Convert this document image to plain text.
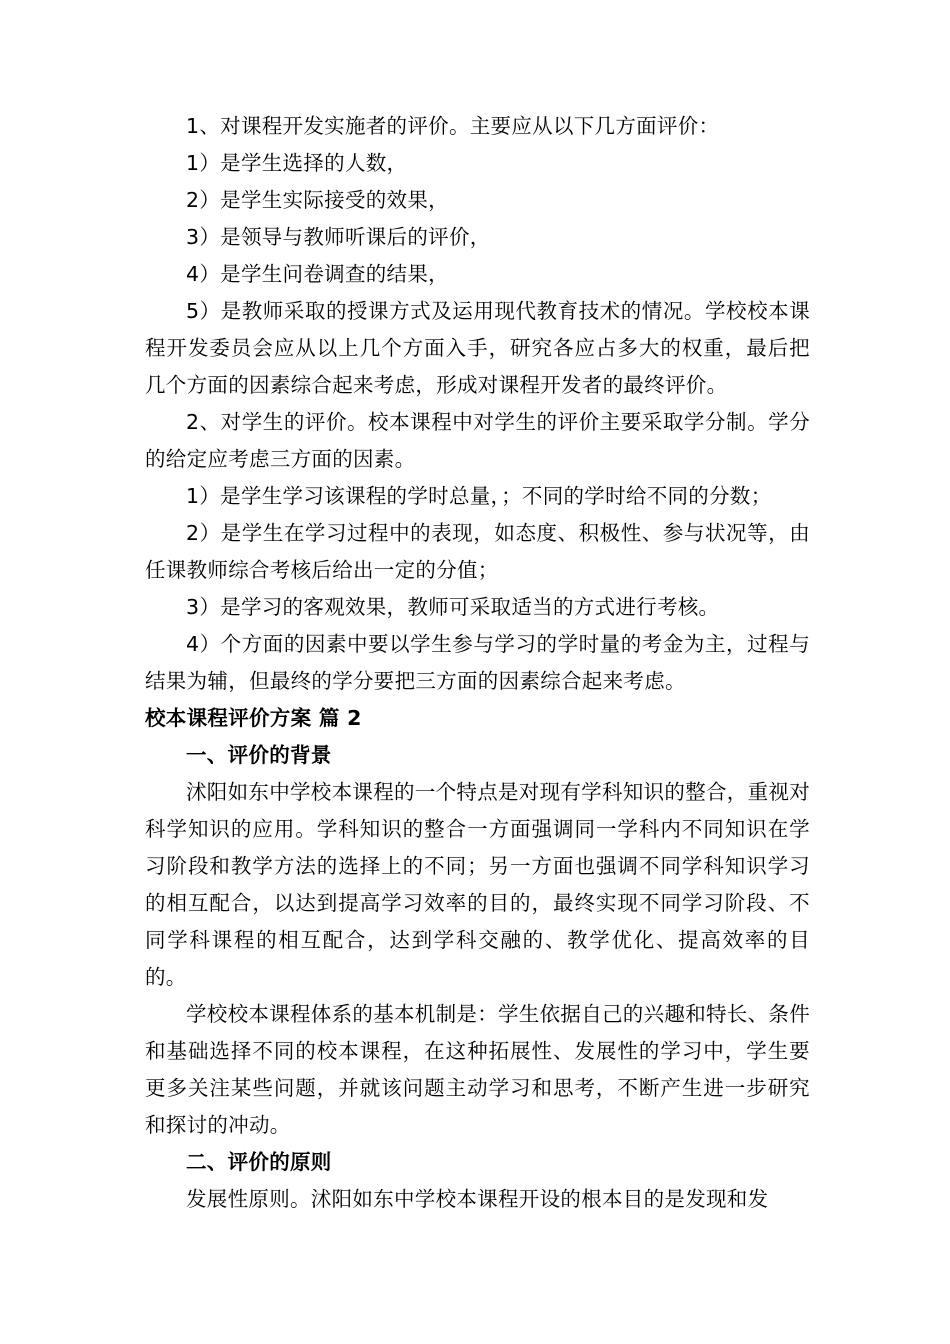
1、对课程开发实施者的评价。主要应从以下几方面评价：

1）是学生选择的人数，

2）是学生实际接受的效果，

3）是领导与教师听课后的评价，

4）是学生问卷调查的结果，

5）是教师采取的授课方式及运用现代教育技术的情况。学校校本课程开发委员会应从以上几个方面入手，研究各应占多大的权重，最后把几个方面的因素综合起来考虑，形成对课程开发者的最终评价。

2、对学生的评价。校本课程中对学生的评价主要采取学分制。学分的给定应考虑三方面的因素。

1）是学生学习该课程的学时总量，；不同的学时给不同的分数；

2）是学生在学习过程中的表现，如态度、积极性、参与状况等，由任课教师综合考核后给出一定的分值；

3）是学习的客观效果，教师可采取适当的方式进行考核。

4）个方面的因素中要以学生参与学习的学时量的考金为主，过程与结果为辅，但最终的学分要把三方面的因素综合起来考虑。

校本课程评价方案 篇 2

一、评价的背景

沭阳如东中学校本课程的一个特点是对现有学科知识的整合，重视对科学知识的应用。学科知识的整合一方面强调同一学科内不同知识在学习阶段和教学方法的选择上的不同；另一方面也强调不同学科知识学习的相互配合，以达到提高学习效率的目的，最终实现不同学习阶段、不同学科课程的相互配合，达到学科交融的、教学优化、提高效率的目的。

学校校本课程体系的基本机制是：学生依据自己的兴趣和特长、条件和基础选择不同的校本课程，在这种拓展性、发展性的学习中，学生要更多关注某些问题，并就该问题主动学习和思考，不断产生进一步研究和探讨的冲动。

二、评价的原则

发展性原则。沭阳如东中学校本课程开设的根本目的是发现和发
